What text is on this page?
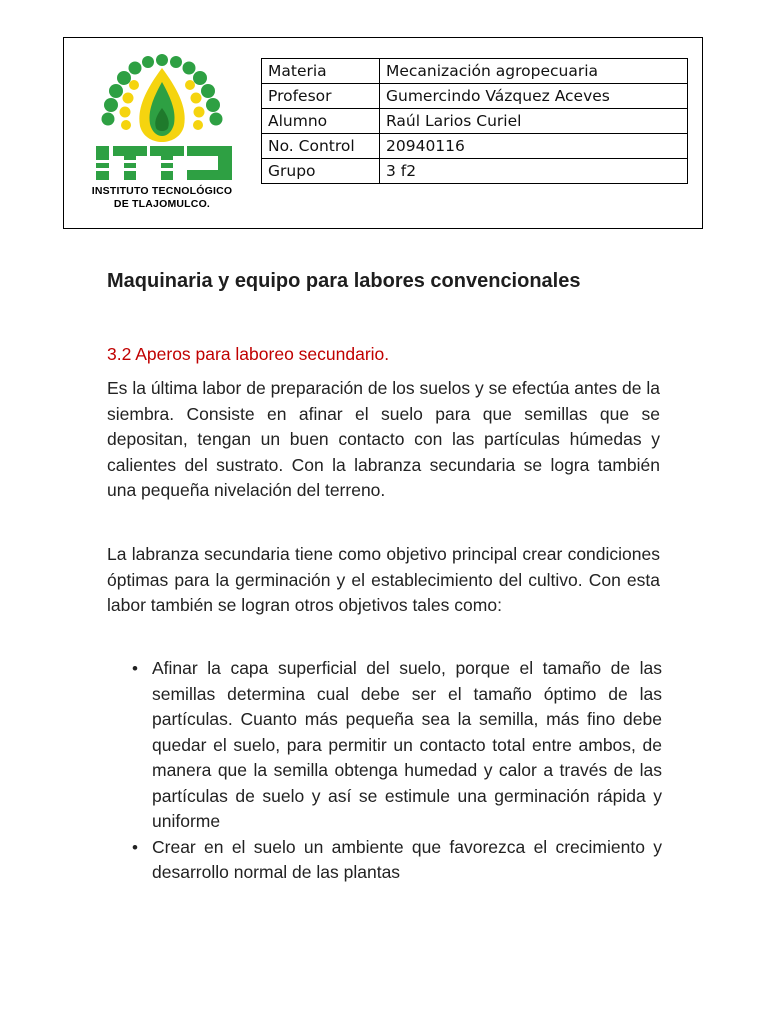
INSTITUTO TECNOLÓGICO
DE TLAJOMULCO.
Materia	Mecanización agropecuaria
Profesor	Gumercindo Vázquez Aceves
Alumno	Raúl Larios Curiel
No. Control	20940116
Grupo	3 f2
Maquinaria y equipo para labores convencionales
3.2 Aperos para laboreo secundario.
Es la última labor de preparación de los suelos y se efectúa antes de la siembra. Consiste en afinar el suelo para que semillas que se depositan, tengan un buen contacto con las partículas húmedas y calientes del sustrato. Con la labranza secundaria se logra también una pequeña nivelación del terreno.
La labranza secundaria tiene como objetivo principal crear condiciones óptimas para la germinación y el establecimiento del cultivo. Con esta labor también se logran otros objetivos tales como:
• Afinar la capa superficial del suelo, porque el tamaño de las semillas determina cual debe ser el tamaño óptimo de las partículas. Cuanto más pequeña sea la semilla, más fino debe quedar el suelo, para permitir un contacto total entre ambos, de manera que la semilla obtenga humedad y calor a través de las partículas de suelo y así se estimule una germinación rápida y uniforme
• Crear en el suelo un ambiente que favorezca el crecimiento y desarrollo normal de las plantas
